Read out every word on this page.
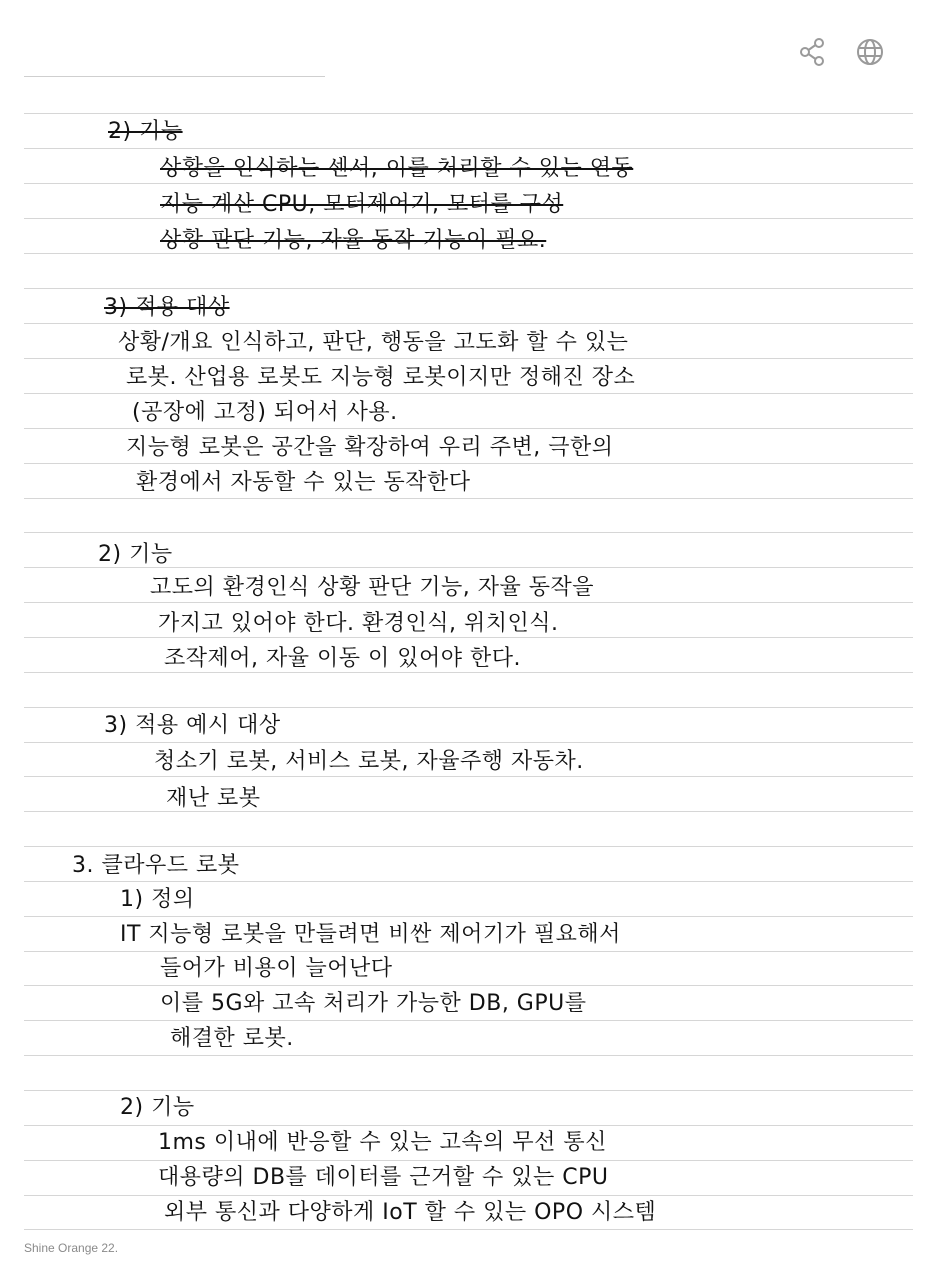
2) 기능
상황을 인식하는 센서, 이를 처리할 수 있는 연동
지능 계산 CPU, 모터제어기, 모터를 구성
상황 판단 기능, 자율 동작 기능이 필요.
3) 적용 대상
상황/개요 인식하고, 판단, 행동을 고도화 할 수 있는
로봇. 산업용 로봇도 지능형 로봇이지만 정해진 장소
(공장에 고정) 되어서 사용.
지능형 로봇은 공간을 확장하여 우리 주변, 극한의
환경에서 자동할 수 있는 동작한다
2) 기능
고도의 환경인식 상황 판단 기능, 자율 동작을
가지고 있어야 한다. 환경인식, 위치인식.
조작제어, 자율 이동 이 있어야 한다.
3) 적용 예시 대상
청소기 로봇, 서비스 로봇, 자율주행 자동차.
재난 로봇
3. 클라우드 로봇
1) 정의
IT 지능형 로봇을 만들려면 비싼 제어기가 필요해서
들어가 비용이 늘어난다
이를 5G와 고속 처리가 가능한 DB, GPU를
해결한 로봇.
2) 기능
1ms 이내에 반응할 수 있는 고속의 무선 통신
대용량의 DB를 데이터를 근거할 수 있는 CPU
외부 통신과 다양하게 IoT 할 수 있는 OPO 시스템
Shine Orange 22.
